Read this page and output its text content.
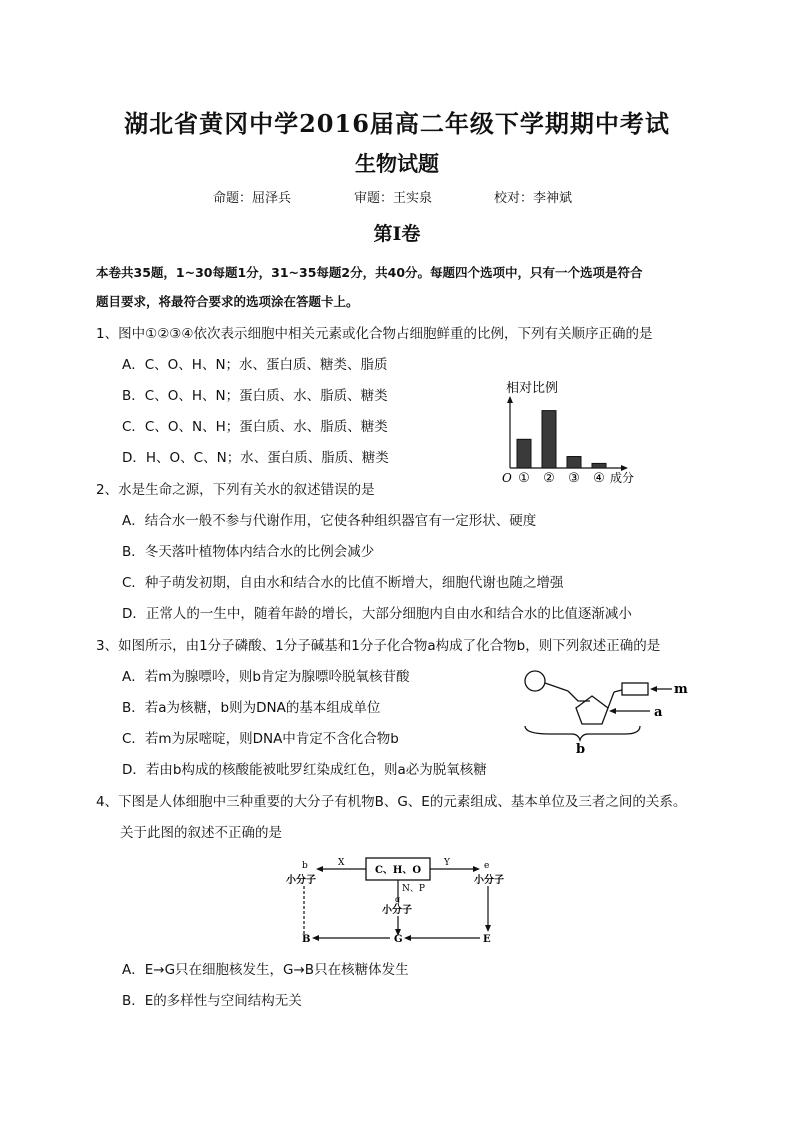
湖北省黄冈中学2016届高二年级下学期期中考试
生物试题
命题：屈泽兵	审题：王实泉	校对：李神斌
第Ⅰ卷
本卷共35题，1~30每题1分，31~35每题2分，共40分。每题四个选项中，只有一个选项是符合
题目要求，将最符合要求的选项涂在答题卡上。
1、图中①②③④依次表示细胞中相关元素或化合物占细胞鲜重的比例，下列有关顺序正确的是
A．C、O、H、N；水、蛋白质、糖类、脂质
B．C、O、H、N；蛋白质、水、脂质、糖类
C．C、O、N、H；蛋白质、水、脂质、糖类
D．H、O、C、N；水、蛋白质、脂质、糖类
相对比例
O ① ② ③ ④ 成分
2、水是生命之源，下列有关水的叙述错误的是
A．结合水一般不参与代谢作用，它使各种组织器官有一定形状、硬度
B．冬天落叶植物体内结合水的比例会减少
C．种子萌发初期，自由水和结合水的比值不断增大，细胞代谢也随之增强
D．正常人的一生中，随着年龄的增长，大部分细胞内自由水和结合水的比值逐渐减小
3、如图所示，由1分子磷酸、1分子碱基和1分子化合物a构成了化合物b，则下列叙述正确的是
A．若m为腺嘌呤，则b肯定为腺嘌呤脱氧核苷酸
B．若a为核糖，b则为DNA的基本组成单位
C．若m为尿嘧啶，则DNA中肯定不含化合物b
D．若由b构成的核酸能被吡罗红染成红色，则a必为脱氧核糖
m
a
b
4、下图是人体细胞中三种重要的大分子有机物B、G、E的元素组成、基本单位及三者之间的关系。
关于此图的叙述不正确的是
C、H、O
X
b
小分子
Y	e
小分子
N、P
g
小分子
B	G	E
A．E→G只在细胞核发生，G→B只在核糖体发生
B．E的多样性与空间结构无关
